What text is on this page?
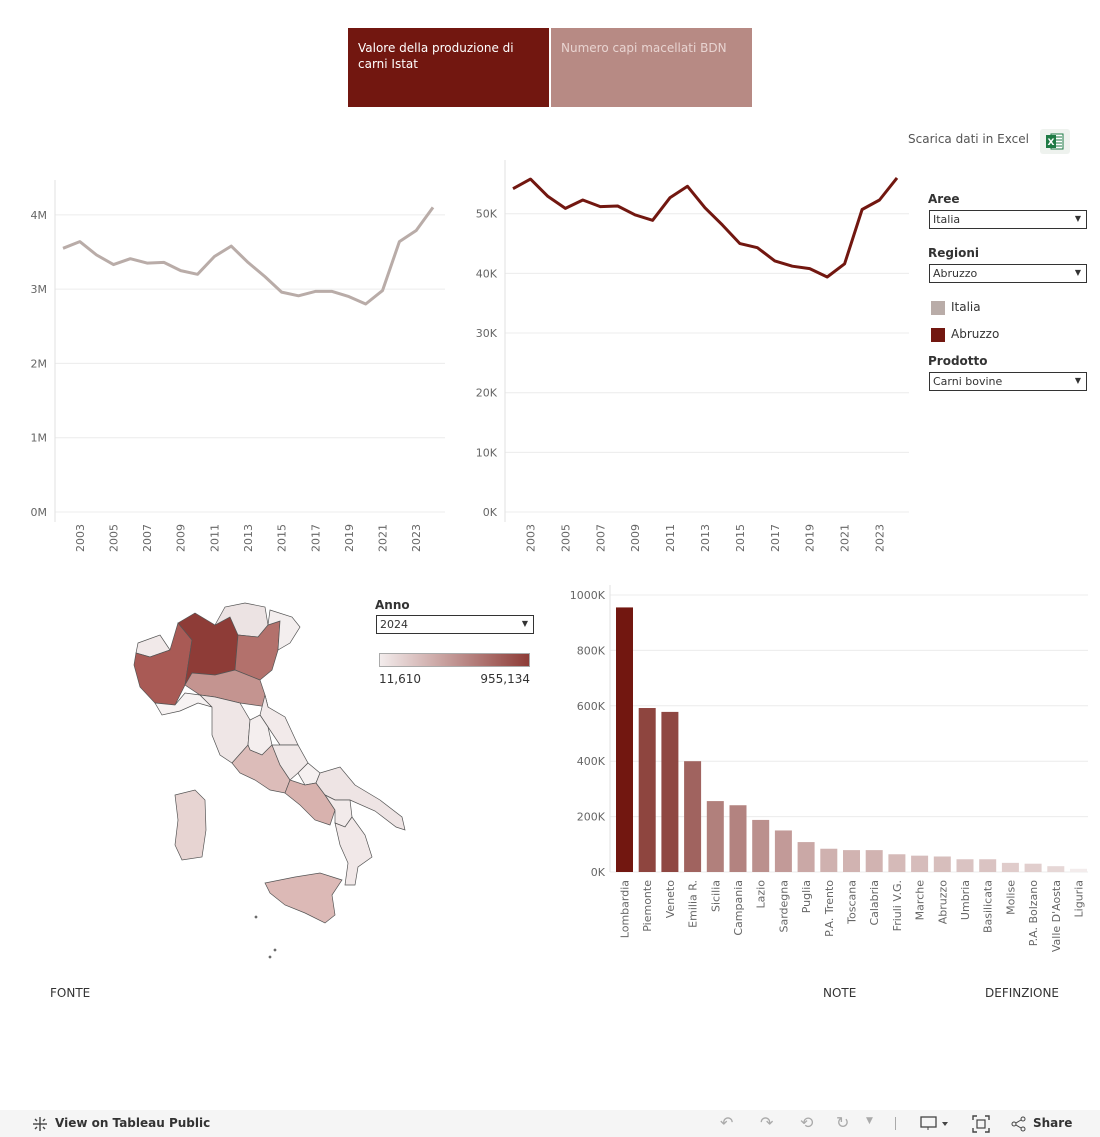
Valore della produzione di carni Istat
Numero capi macellati BDN
Scarica dati in Excel X
0M
1M
2M
3M
4M
2003 2005 2007 2009 2011 2013 2015 2017 2019 2021 2023
0K
10K
20K
30K
40K
50K
2003 2005 2007 2009 2011 2013 2015 2017 2019 2021 2023
Aree
Italia	▼
Regioni
Abruzzo	▼
Italia
Abruzzo
Prodotto
Carni bovine	▼
Anno
2024	▼
11,610	955,134
0K
200K
400K
600K
800K
1000K
Lombardia Piemonte Veneto Emilia R. Sicilia Campania Lazio Sardegna Puglia P.A. Trento Toscana Calabria Friuli V.G. Marche Abruzzo Umbria Basilicata Molise P.A. Bolzano Valle D'Aosta Liguria
FONTE	NOTE	DEFINZIONE
View on Tableau Public	↶ ↷ ⟲ ↻ ▼	Share
